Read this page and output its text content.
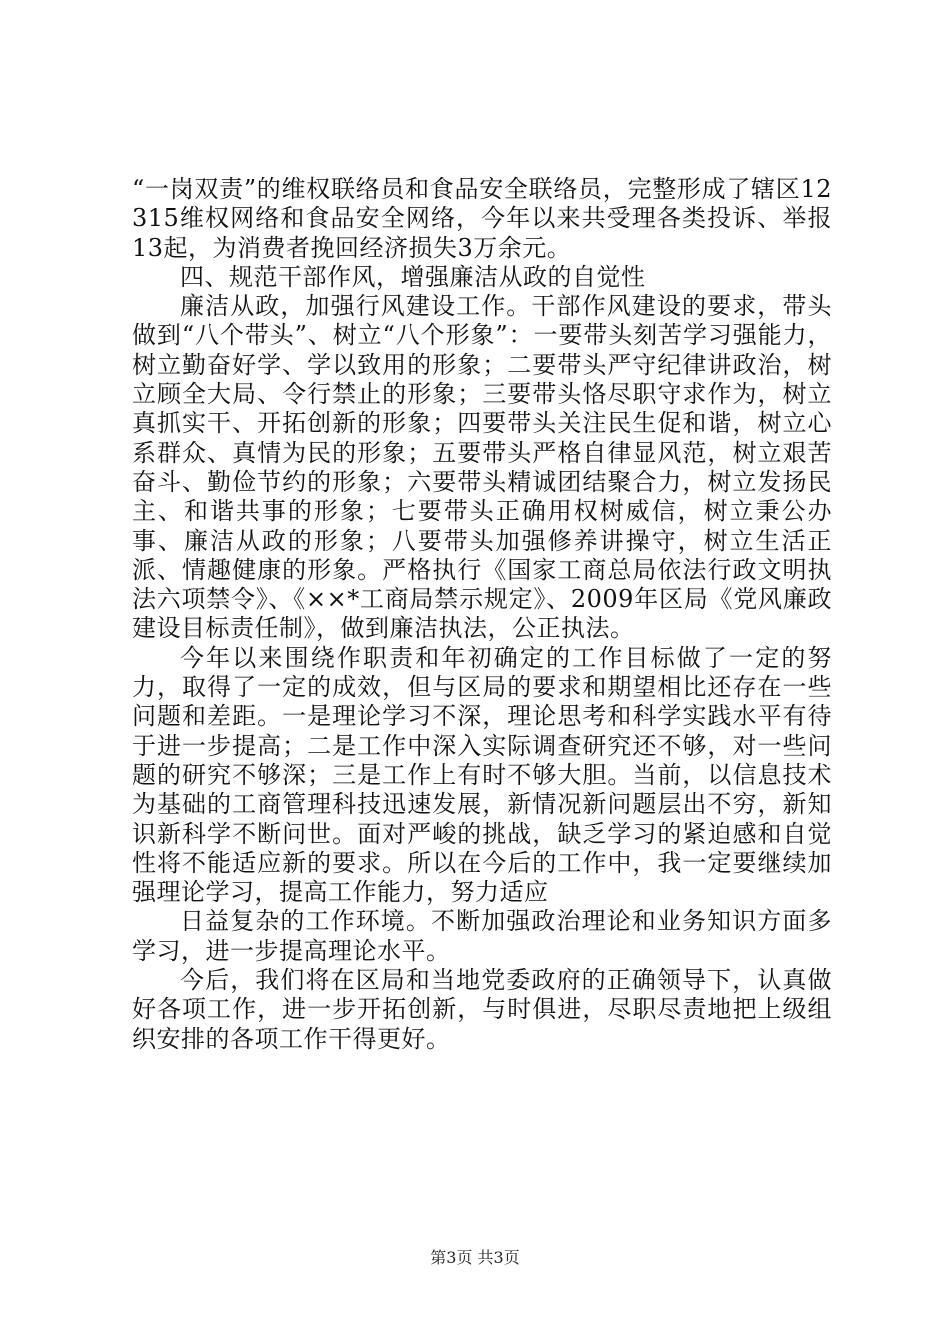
“一岗双责”的维权联络员和食品安全联络员，完整形成了辖区12315维权网络和食品安全网络，今年以来共受理各类投诉、举报13起，为消费者挽回经济损失3万余元。

四、规范干部作风，增强廉洁从政的自觉性

廉洁从政，加强行风建设工作。干部作风建设的要求，带头做到“八个带头”、树立“八个形象”：一要带头刻苦学习强能力，树立勤奋好学、学以致用的形象；二要带头严守纪律讲政治，树立顾全大局、令行禁止的形象；三要带头恪尽职守求作为，树立真抓实干、开拓创新的形象；四要带头关注民生促和谐，树立心系群众、真情为民的形象；五要带头严格自律显风范，树立艰苦奋斗、勤俭节约的形象；六要带头精诚团结聚合力，树立发扬民主、和谐共事的形象；七要带头正确用权树威信，树立秉公办事、廉洁从政的形象；八要带头加强修养讲操守，树立生活正派、情趣健康的形象。严格执行《国家工商总局依法行政文明执法六项禁令》、《××*工商局禁示规定》、2009年区局《党风廉政建设目标责任制》，做到廉洁执法，公正执法。

今年以来围绕作职责和年初确定的工作目标做了一定的努力，取得了一定的成效，但与区局的要求和期望相比还存在一些问题和差距。一是理论学习不深，理论思考和科学实践水平有待于进一步提高；二是工作中深入实际调查研究还不够，对一些问题的研究不够深；三是工作上有时不够大胆。当前，以信息技术为基础的工商管理科技迅速发展，新情况新问题层出不穷，新知识新科学不断问世。面对严峻的挑战，缺乏学习的紧迫感和自觉性将不能适应新的要求。所以在今后的工作中，我一定要继续加强理论学习，提高工作能力，努力适应

日益复杂的工作环境。不断加强政治理论和业务知识方面多学习，进一步提高理论水平。

今后，我们将在区局和当地党委政府的正确领导下，认真做好各项工作，进一步开拓创新，与时俱进，尽职尽责地把上级组织安排的各项工作干得更好。

第3页 共3页
